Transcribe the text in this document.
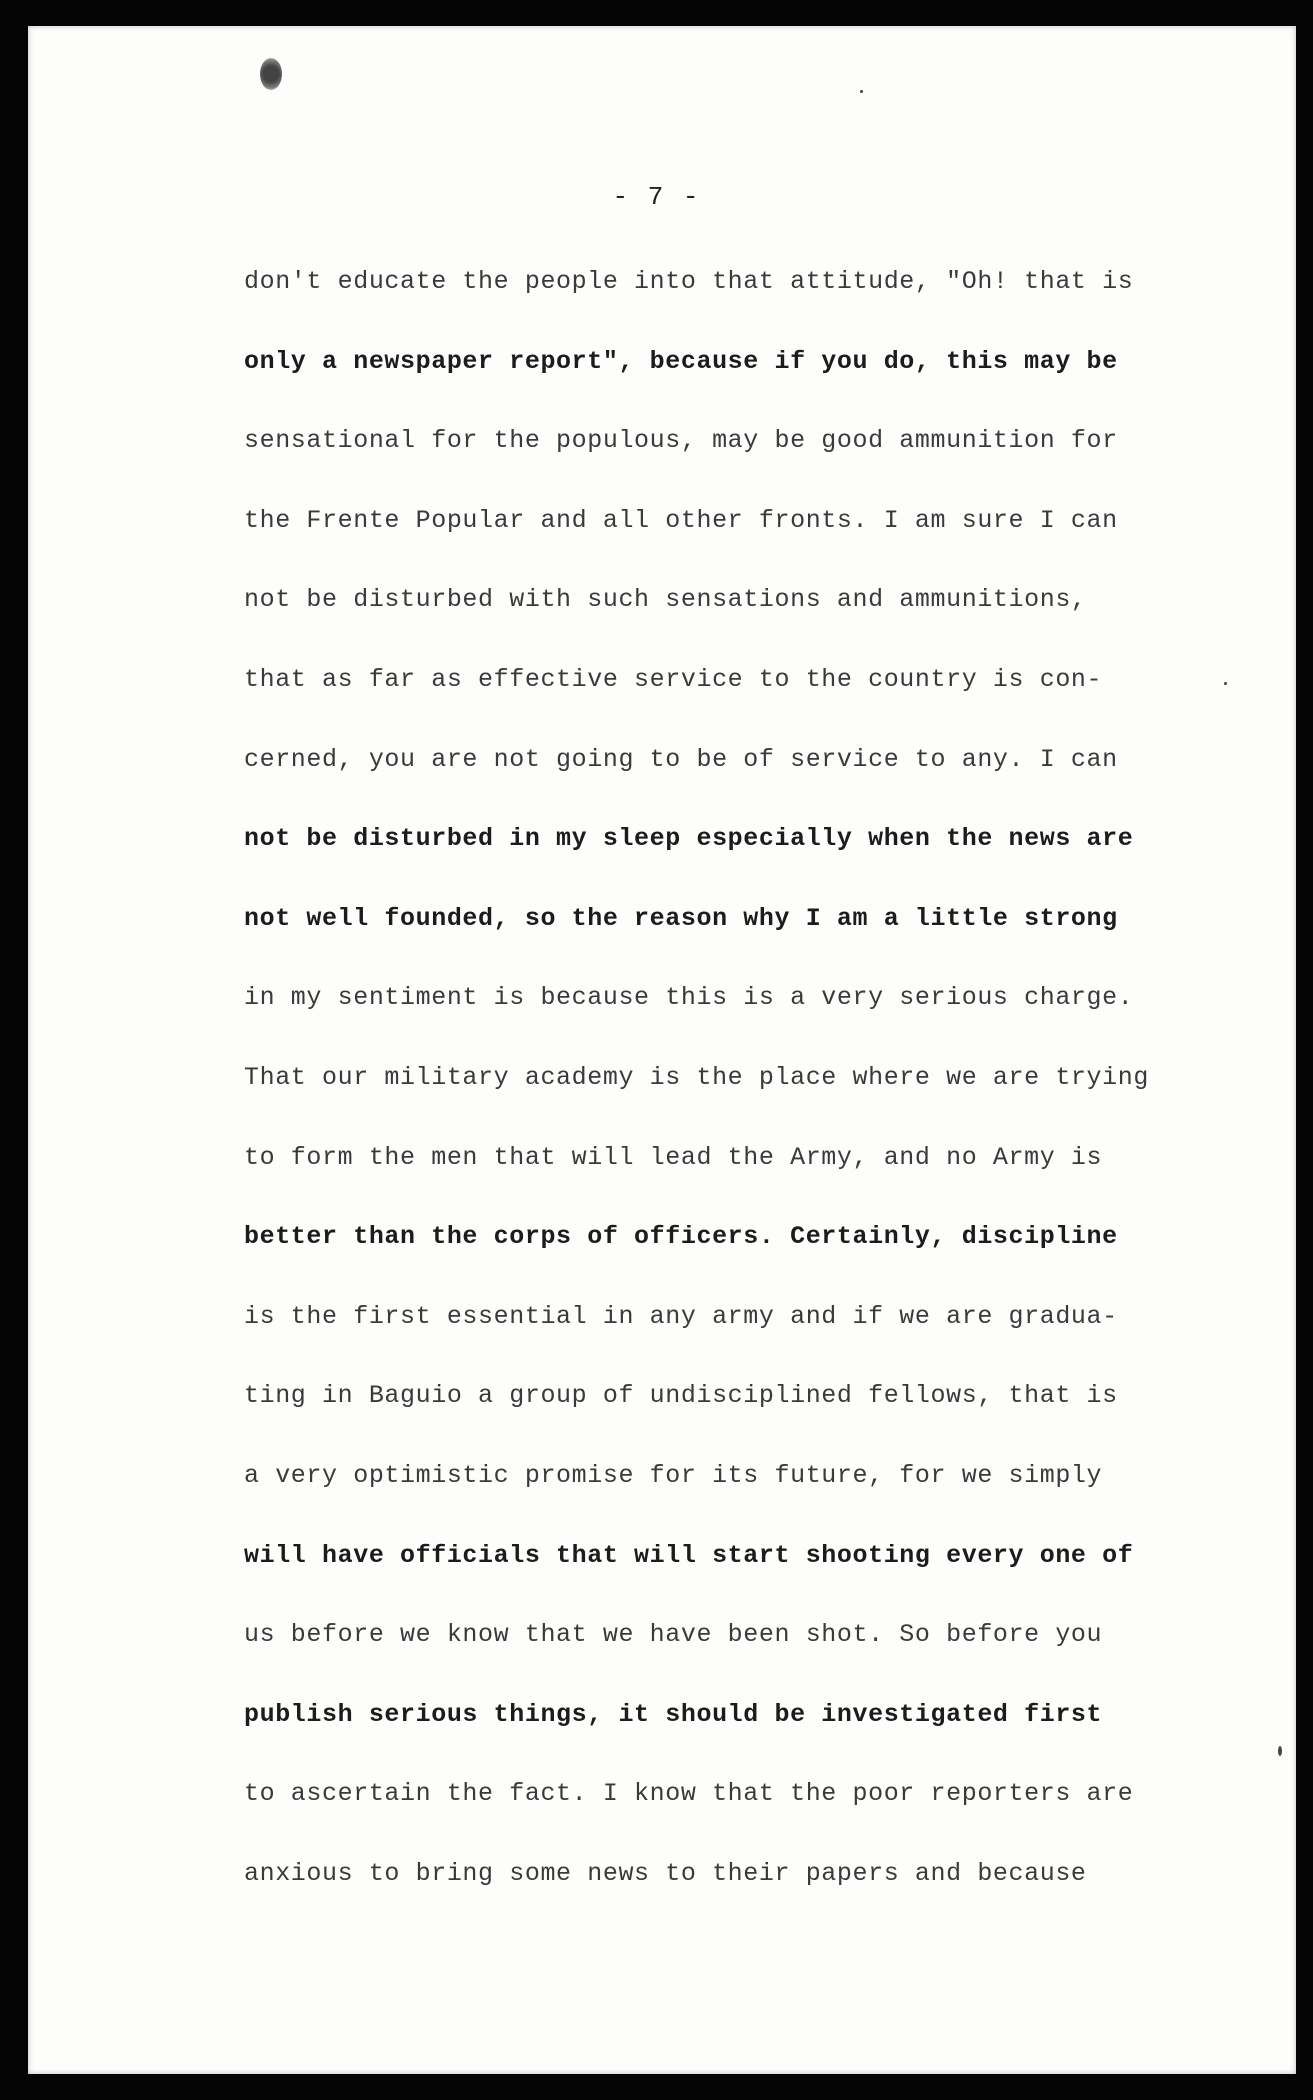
- 7 -
don't educate the people into that attitude, "Oh! that is
only a newspaper report", because if you do, this may be
sensational for the populous, may be good ammunition for
the Frente Popular and all other fronts. I am sure I can
not be disturbed with such sensations and ammunitions,
that as far as effective service to the country is con-
cerned, you are not going to be of service to any. I can
not be disturbed in my sleep especially when the news are
not well founded, so the reason why I am a little strong
in my sentiment is because this is a very serious charge.
That our military academy is the place where we are trying
to form the men that will lead the Army, and no Army is
better than the corps of officers. Certainly, discipline
is the first essential in any army and if we are gradua-
ting in Baguio a group of undisciplined fellows, that is
a very optimistic promise for its future, for we simply
will have officials that will start shooting every one of
us before we know that we have been shot. So before you
publish serious things, it should be investigated first
to ascertain the fact. I know that the poor reporters are
anxious to bring some news to their papers and because
